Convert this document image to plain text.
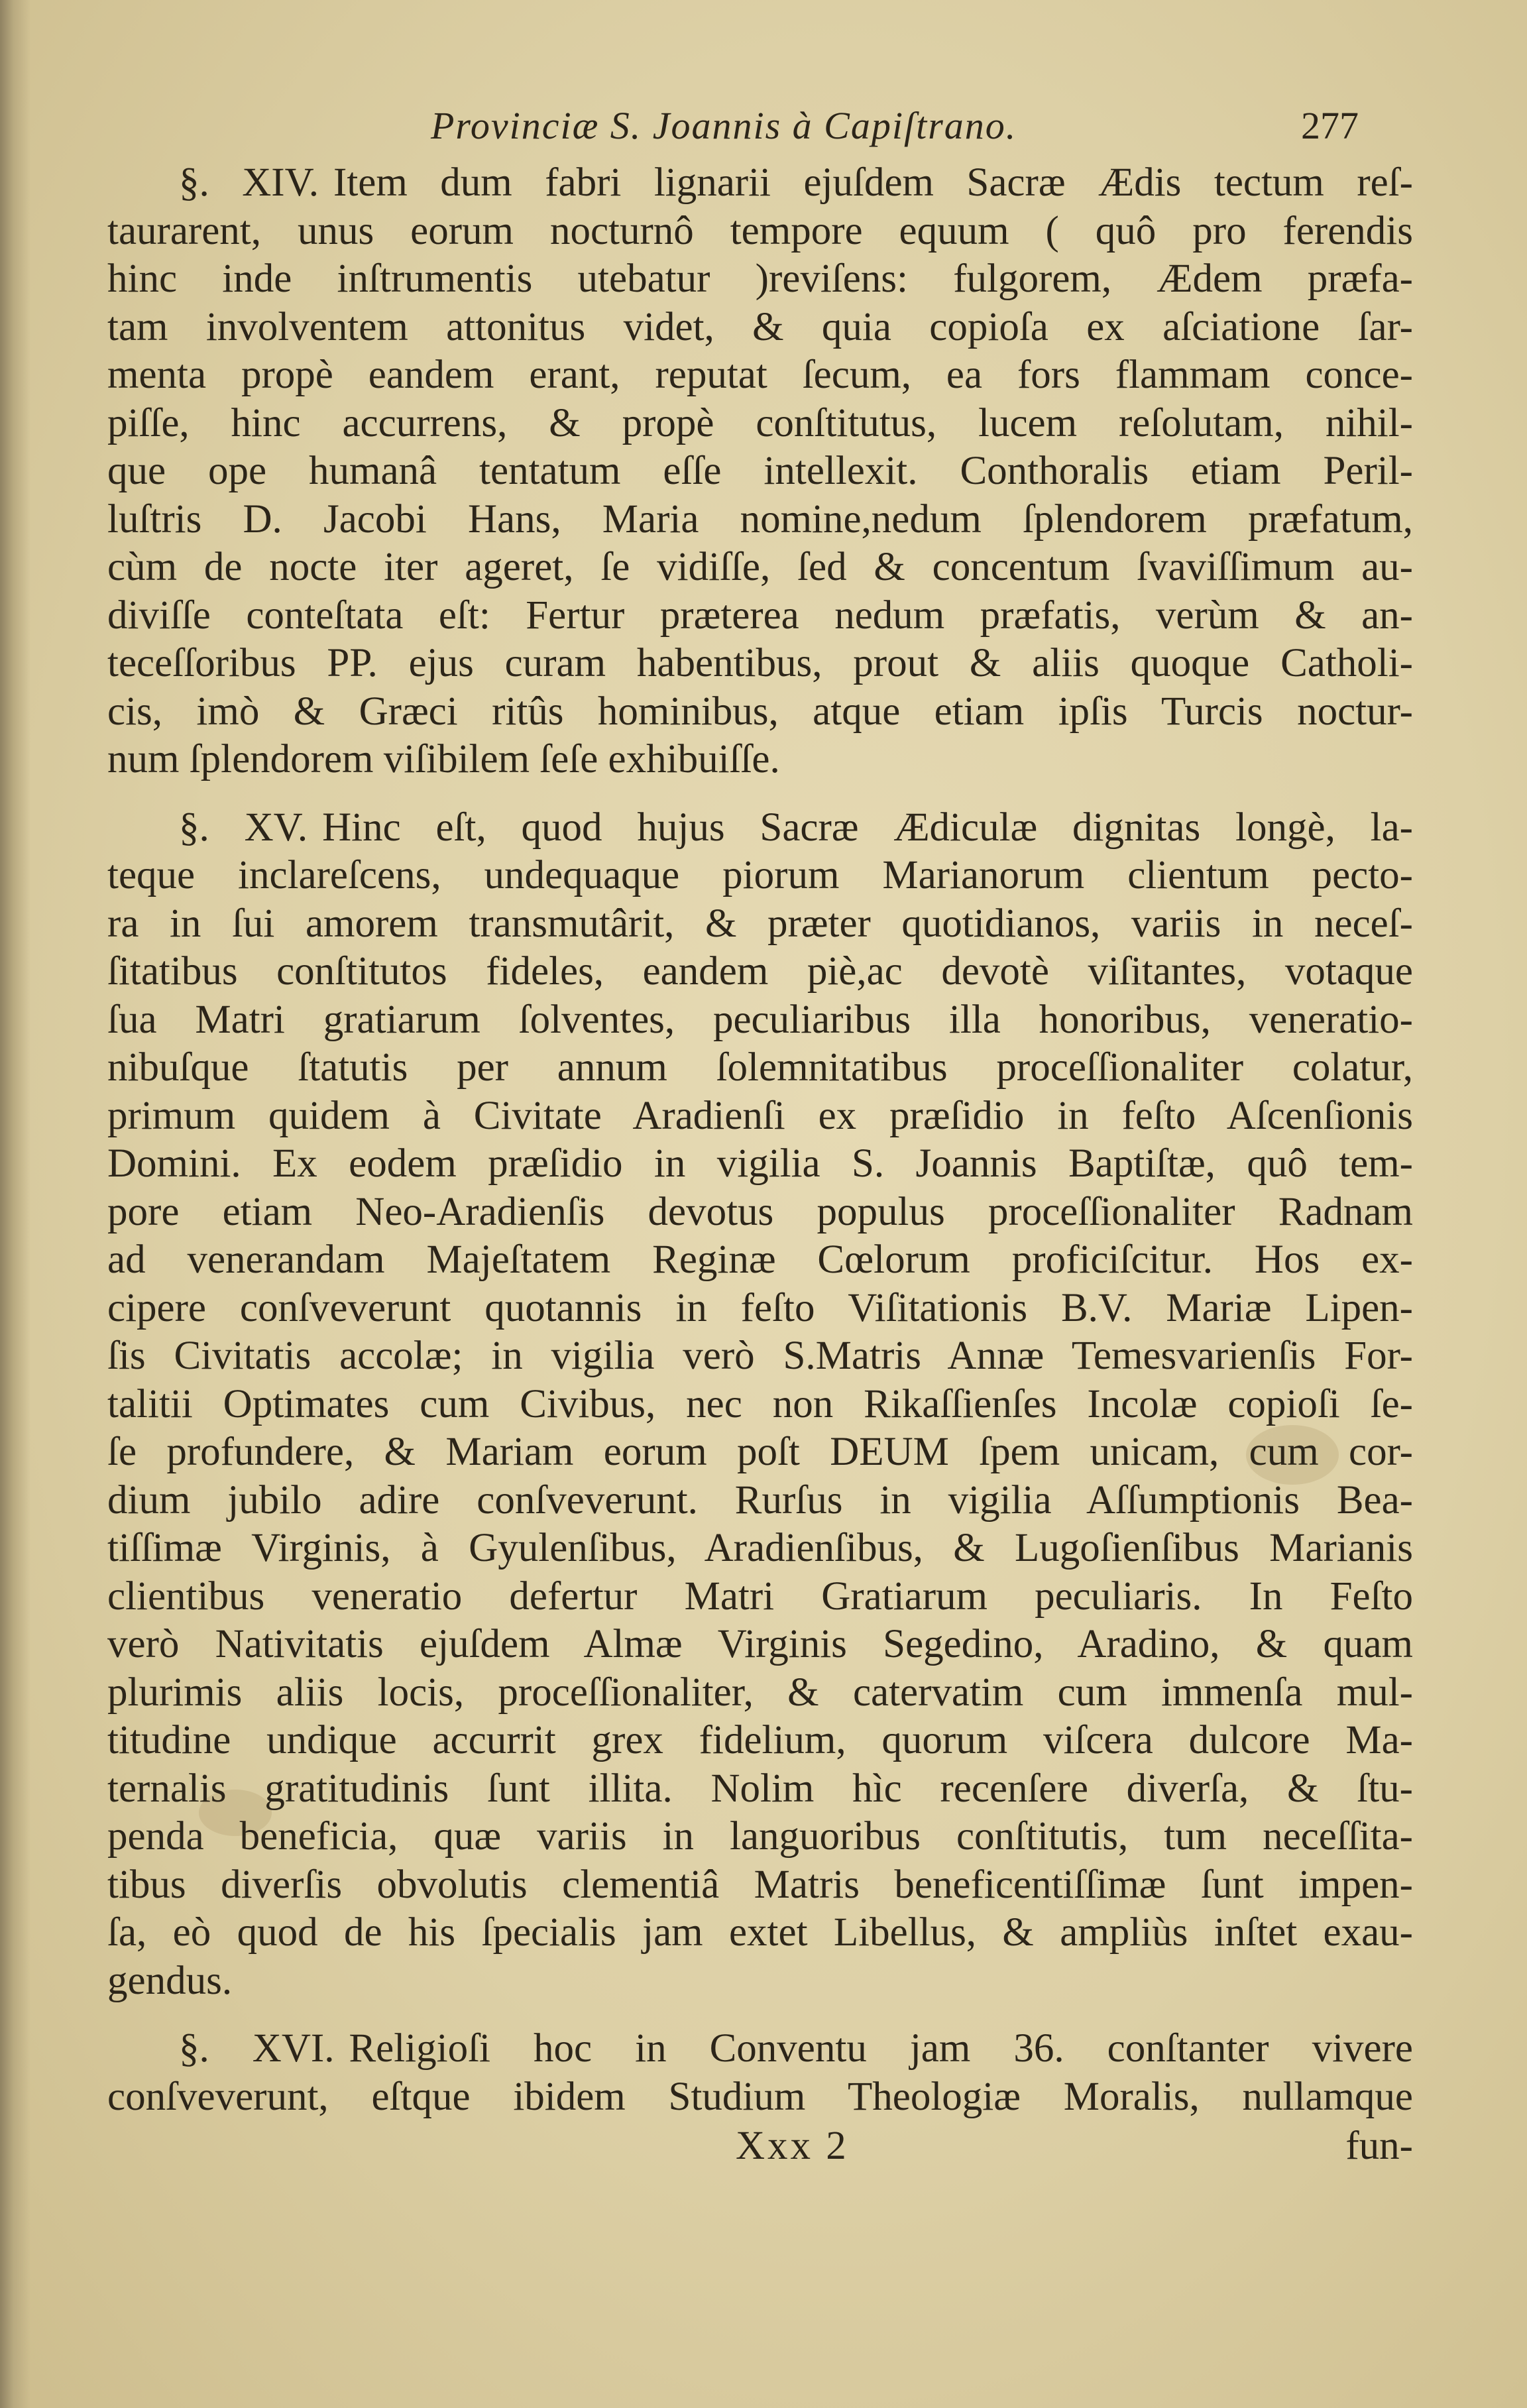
Provinciæ S. Joannis à Capiſtrano.	277
§. XIV. Item dum fabri lignarii ejuſdem Sacræ Ædis tectum reſ-
taurarent, unus eorum nocturnô tempore equum ( quô pro ferendis
hinc inde inſtrumentis utebatur )reviſens: fulgorem, Ædem præfa-
tam involventem attonitus videt, & quia copioſa ex aſciatione ſar-
menta propè eandem erant, reputat ſecum, ea fors flammam conce-
piſſe, hinc accurrens, & propè conſtitutus, lucem reſolutam, nihil-
que ope humanâ tentatum eſſe intellexit. Conthoralis etiam Peril-
luſtris D. Jacobi Hans, Maria nomine,nedum ſplendorem præfatum,
cùm de nocte iter ageret, ſe vidiſſe, ſed & concentum ſvaviſſimum au-
diviſſe conteſtata eſt: Fertur præterea nedum præfatis, verùm & an-
teceſſoribus PP. ejus curam habentibus, prout & aliis quoque Catholi-
cis, imò & Græci ritûs hominibus, atque etiam ipſis Turcis noctur-
num ſplendorem viſibilem ſeſe exhibuiſſe.
§. XV. Hinc eſt, quod hujus Sacræ Ædiculæ dignitas longè, la-
teque inclareſcens, undequaque piorum Marianorum clientum pecto-
ra in ſui amorem transmutârit, & præter quotidianos, variis in neceſ-
ſitatibus conſtitutos fideles, eandem piè,ac devotè viſitantes, votaque
ſua Matri gratiarum ſolventes, peculiaribus illa honoribus, veneratio-
nibuſque ſtatutis per annum ſolemnitatibus proceſſionaliter colatur,
primum quidem à Civitate Aradienſi ex præſidio in feſto Aſcenſionis
Domini. Ex eodem præſidio in vigilia S. Joannis Baptiſtæ, quô tem-
pore etiam Neo-Aradienſis devotus populus proceſſionaliter Radnam
ad venerandam Majeſtatem Reginæ Cœlorum proficiſcitur. Hos ex-
cipere conſveverunt quotannis in feſto Viſitationis B.V. Mariæ Lipen-
ſis Civitatis accolæ; in vigilia verò S.Matris Annæ Temesvarienſis For-
talitii Optimates cum Civibus, nec non Rikaſſienſes Incolæ copioſi ſe-
ſe profundere, & Mariam eorum poſt DEUM ſpem unicam, cum cor-
dium jubilo adire conſveverunt. Rurſus in vigilia Aſſumptionis Bea-
tiſſimæ Virginis, à Gyulenſibus, Aradienſibus, & Lugoſienſibus Marianis
clientibus veneratio defertur Matri Gratiarum peculiaris. In Feſto
verò Nativitatis ejuſdem Almæ Virginis Segedino, Aradino, & quam
plurimis aliis locis, proceſſionaliter, & catervatim cum immenſa mul-
titudine undique accurrit grex fidelium, quorum viſcera dulcore Ma-
ternalis gratitudinis ſunt illita. Nolim hìc recenſere diverſa, & ſtu-
penda beneficia, quæ variis in languoribus conſtitutis, tum neceſſita-
tibus diverſis obvolutis clementiâ Matris beneficentiſſimæ ſunt impen-
ſa, eò quod de his ſpecialis jam extet Libellus, & ampliùs inſtet exau-
gendus.
§. XVI. Religioſi hoc in Conventu jam 36. conſtanter vivere
conſveverunt, eſtque ibidem Studium Theologiæ Moralis, nullamque
Xxx 2	fun-
